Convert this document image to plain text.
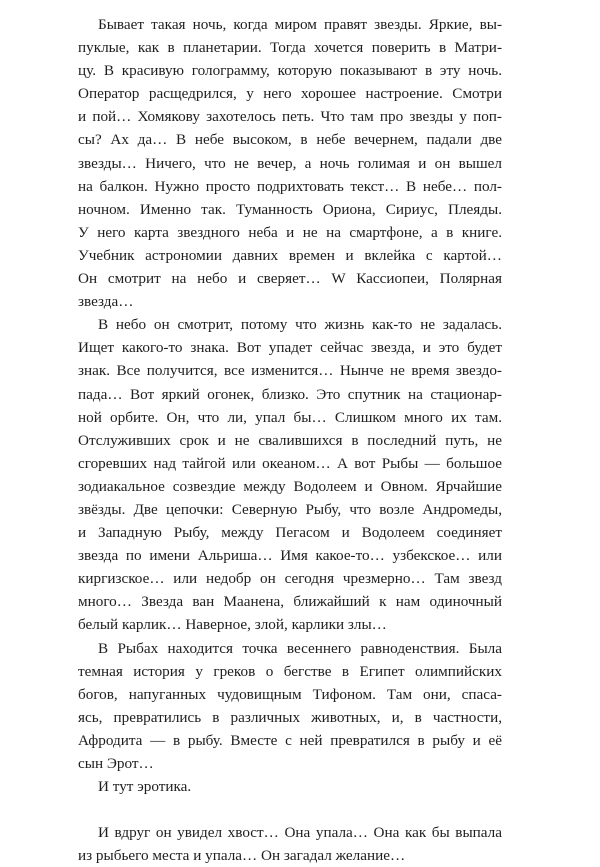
Бывает такая ночь, когда миром правят звезды. Яркие, вы-
пуклые, как в планетарии. Тогда хочется поверить в Матри-
цу. В красивую голограмму, которую показывают в эту ночь.
Оператор расщедрился, у него хорошее настроение. Смотри
и пой… Хомякову захотелось петь. Что там про звезды у поп-
сы? Ах да… В небе высоком, в небе вечернем, падали две
звезды… Ничего, что не вечер, а ночь голимая и он вышел
на балкон. Нужно просто подрихтовать текст… В небе… пол-
ночном. Именно так. Туманность Ориона, Сириус, Плеяды.
У него карта звездного неба и не на смартфоне, а в книге.
Учебник астрономии давних времен и вклейка с картой…
Он смотрит на небо и сверяет… W Кассиопеи, Полярная
звезда…
В небо он смотрит, потому что жизнь как-то не задалась.
Ищет какого-то знака. Вот упадет сейчас звезда, и это будет
знак. Все получится, все изменится… Нынче не время звездо-
пада… Вот яркий огонек, близко. Это спутник на стационар-
ной орбите. Он, что ли, упал бы… Слишком много их там.
Отслуживших срок и не свалившихся в последний путь, не
сгоревших над тайгой или океаном… А вот Рыбы — большое
зодиакальное созвездие между Водолеем и Овном. Ярчайшие
звёзды. Две цепочки: Северную Рыбу, что возле Андромеды,
и Западную Рыбу, между Пегасом и Водолеем соединяет
звезда по имени Альриша… Имя какое-то… узбекское… или
киргизское… или недобр он сегодня чрезмерно… Там звезд
много… Звезда ван Маанена, ближайший к нам одиночный
белый карлик… Наверное, злой, карлики злы…
В Рыбах находится точка весеннего равноденствия. Была
темная история у греков о бегстве в Египет олимпийских
богов, напуганных чудовищным Тифоном. Там они, спаса-
ясь, превратились в различных животных, и, в частности,
Афродита — в рыбу. Вместе с ней превратился в рыбу и её
сын Эрот…
И тут эротика.
И вдруг он увидел хвост… Она упала… Она как бы выпала
из рыбьего места и упала… Он загадал желание…
